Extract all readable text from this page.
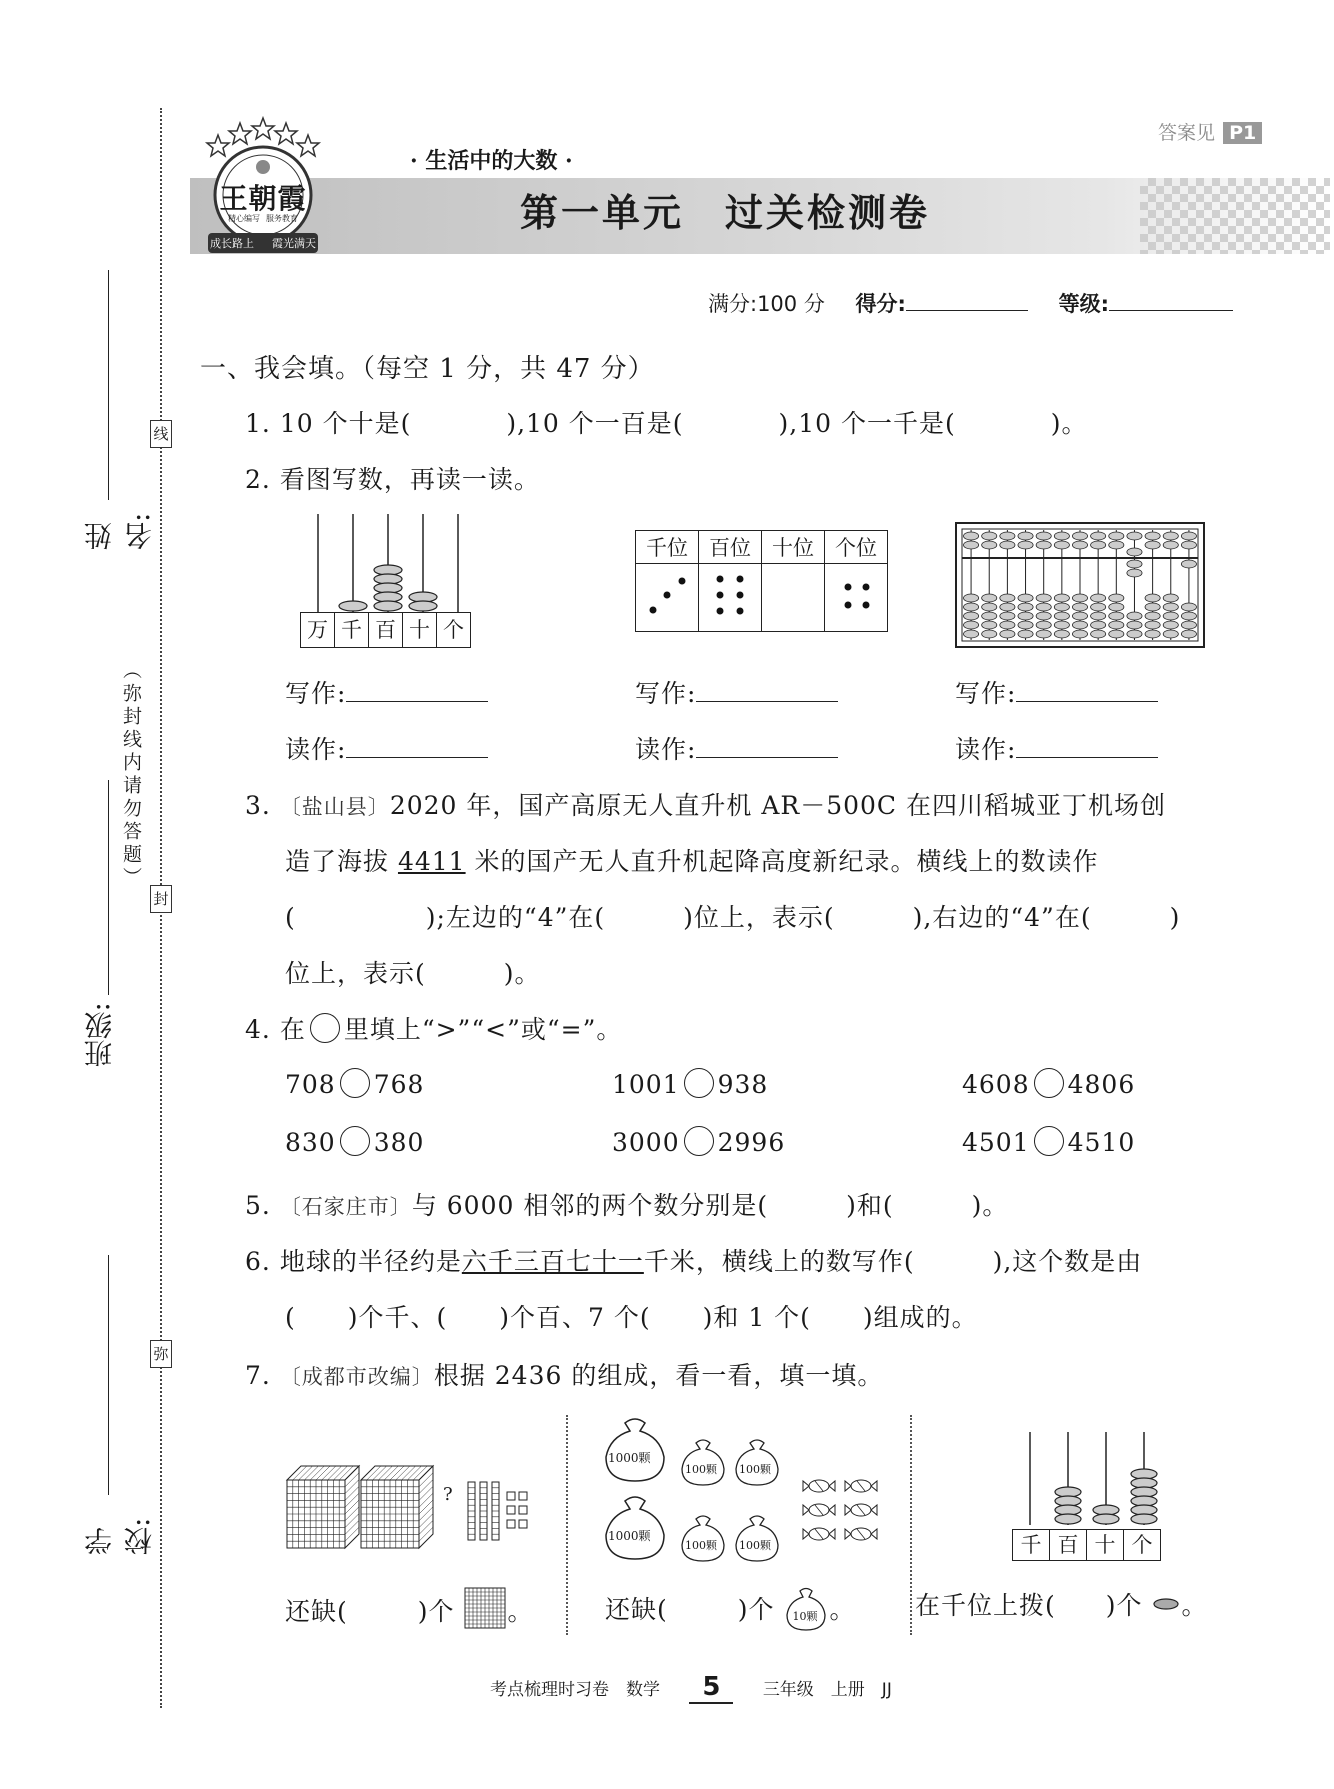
线
封
弥
（弥封线内请勿答题）
姓名:
班级:
学校:
王朝霞
精心编写 服务教育
成长路上 霞光满天
答案见 P1
· 生活中的大数 ·
第一单元　过关检测卷
满分:100 分 得分:	等级:
一、我会填。（每空 1 分，共 47 分）
1. 10 个十是(	),10 个一百是(	),10 个一千是(	)。
2. 看图写数，再读一读。
万 千 百 十 个
千位	百位	十位	个位

写作:	写作:	写作:
读作:	读作:	读作:
3. 〔盐山县〕2020 年，国产高原无人直升机 AR－500C 在四川稻城亚丁机场创
造了海拔 4411 米的国产无人直升机起降高度新纪录。横线上的数读作
(　　　　　);左边的“4”在(　　　)位上，表示(　　　),右边的“4”在(　　　)
位上，表示(　　　)。
4. 在 里填上“>”“<”或“=”。
708 768	1001 938	4608 4806
830 380	3000 2996	4501 4510
5. 〔石家庄市〕与 6000 相邻的两个数分别是(　　　)和(　　　)。
6. 地球的半径约是六千三百七十一千米，横线上的数写作(　　　),这个数是由
(　　)个千、(　　)个百、7 个(　　)和 1 个(　　)组成的。
7. 〔成都市改编〕根据 2436 的组成，看一看，填一填。
?
还缺(	)个 。
1000颗
1000颗
100颗 100颗
100颗 100颗
还缺(	)个 10颗 。
千 百 十 个
在千位上拨( )个 。
考点梳理时习卷　数学 5 三年级　上册　JJ
